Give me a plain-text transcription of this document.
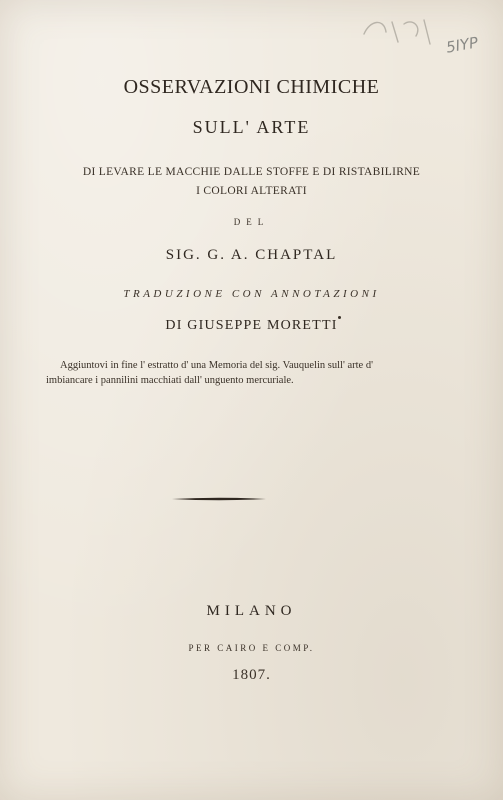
5IYP
OSSERVAZIONI CHIMICHE
SULL' ARTE
DI LEVARE LE MACCHIE DALLE STOFFE E DI RISTABILIRNE
I COLORI ALTERATI
DEL
SIG. G. A. CHAPTAL
TRADUZIONE CON ANNOTAZIONI
DI GIUSEPPE MORETTI
Aggiuntovi in fine l' estratto d' una Memoria del sig. Vauquelin sull' arte d' imbiancare i pannilini macchiati dall' unguento mercuriale.
MILANO
PER CAIRO E COMP.
1807.
